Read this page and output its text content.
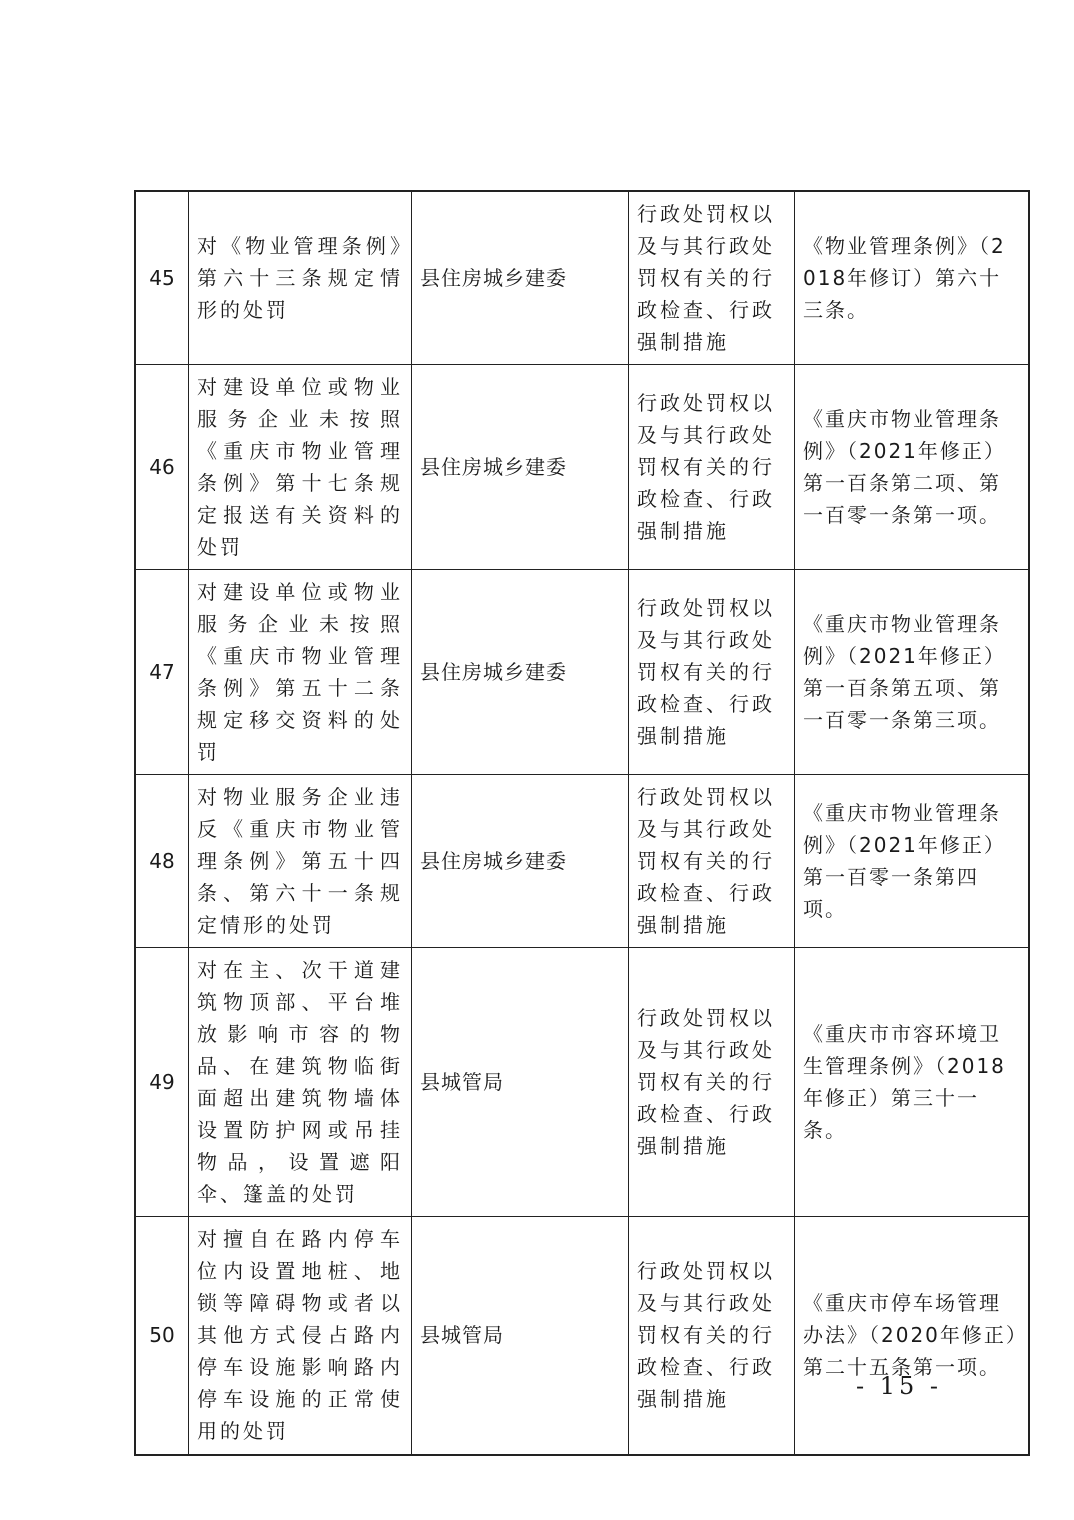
45	对《物业管理条例》第六十三条规定情形的处罚	县住房城乡建委	行政处罚权以及与其行政处罚权有关的行政检查、行政强制措施	《物业管理条例》（2018年修订）第六十三条。
46	对建设单位或物业服务企业未按照《重庆市物业管理条例》第十七条规定报送有关资料的处罚	县住房城乡建委	行政处罚权以及与其行政处罚权有关的行政检查、行政强制措施	《重庆市物业管理条例》（2021年修正）第一百条第二项、第一百零一条第一项。
47	对建设单位或物业服务企业未按照《重庆市物业管理条例》第五十二条规定移交资料的处罚	县住房城乡建委	行政处罚权以及与其行政处罚权有关的行政检查、行政强制措施	《重庆市物业管理条例》（2021年修正）第一百条第五项、第一百零一条第三项。
48	对物业服务企业违反《重庆市物业管理条例》第五十四条、第六十一条规定情形的处罚	县住房城乡建委	行政处罚权以及与其行政处罚权有关的行政检查、行政强制措施	《重庆市物业管理条例》（2021年修正）第一百零一条第四项。
49	对在主、次干道建筑物顶部、平台堆放影响市容的物品、在建筑物临街面超出建筑物墙体设置防护网或吊挂物品，设置遮阳伞、篷盖的处罚	县城管局	行政处罚权以及与其行政处罚权有关的行政检查、行政强制措施	《重庆市市容环境卫生管理条例》（2018年修正）第三十一条。
50	对擅自在路内停车位内设置地桩、地锁等障碍物或者以其他方式侵占路内停车设施影响路内停车设施的正常使用的处罚	县城管局	行政处罚权以及与其行政处罚权有关的行政检查、行政强制措施	《重庆市停车场管理办法》（2020年修正）第二十五条第一项。
- 15 -
